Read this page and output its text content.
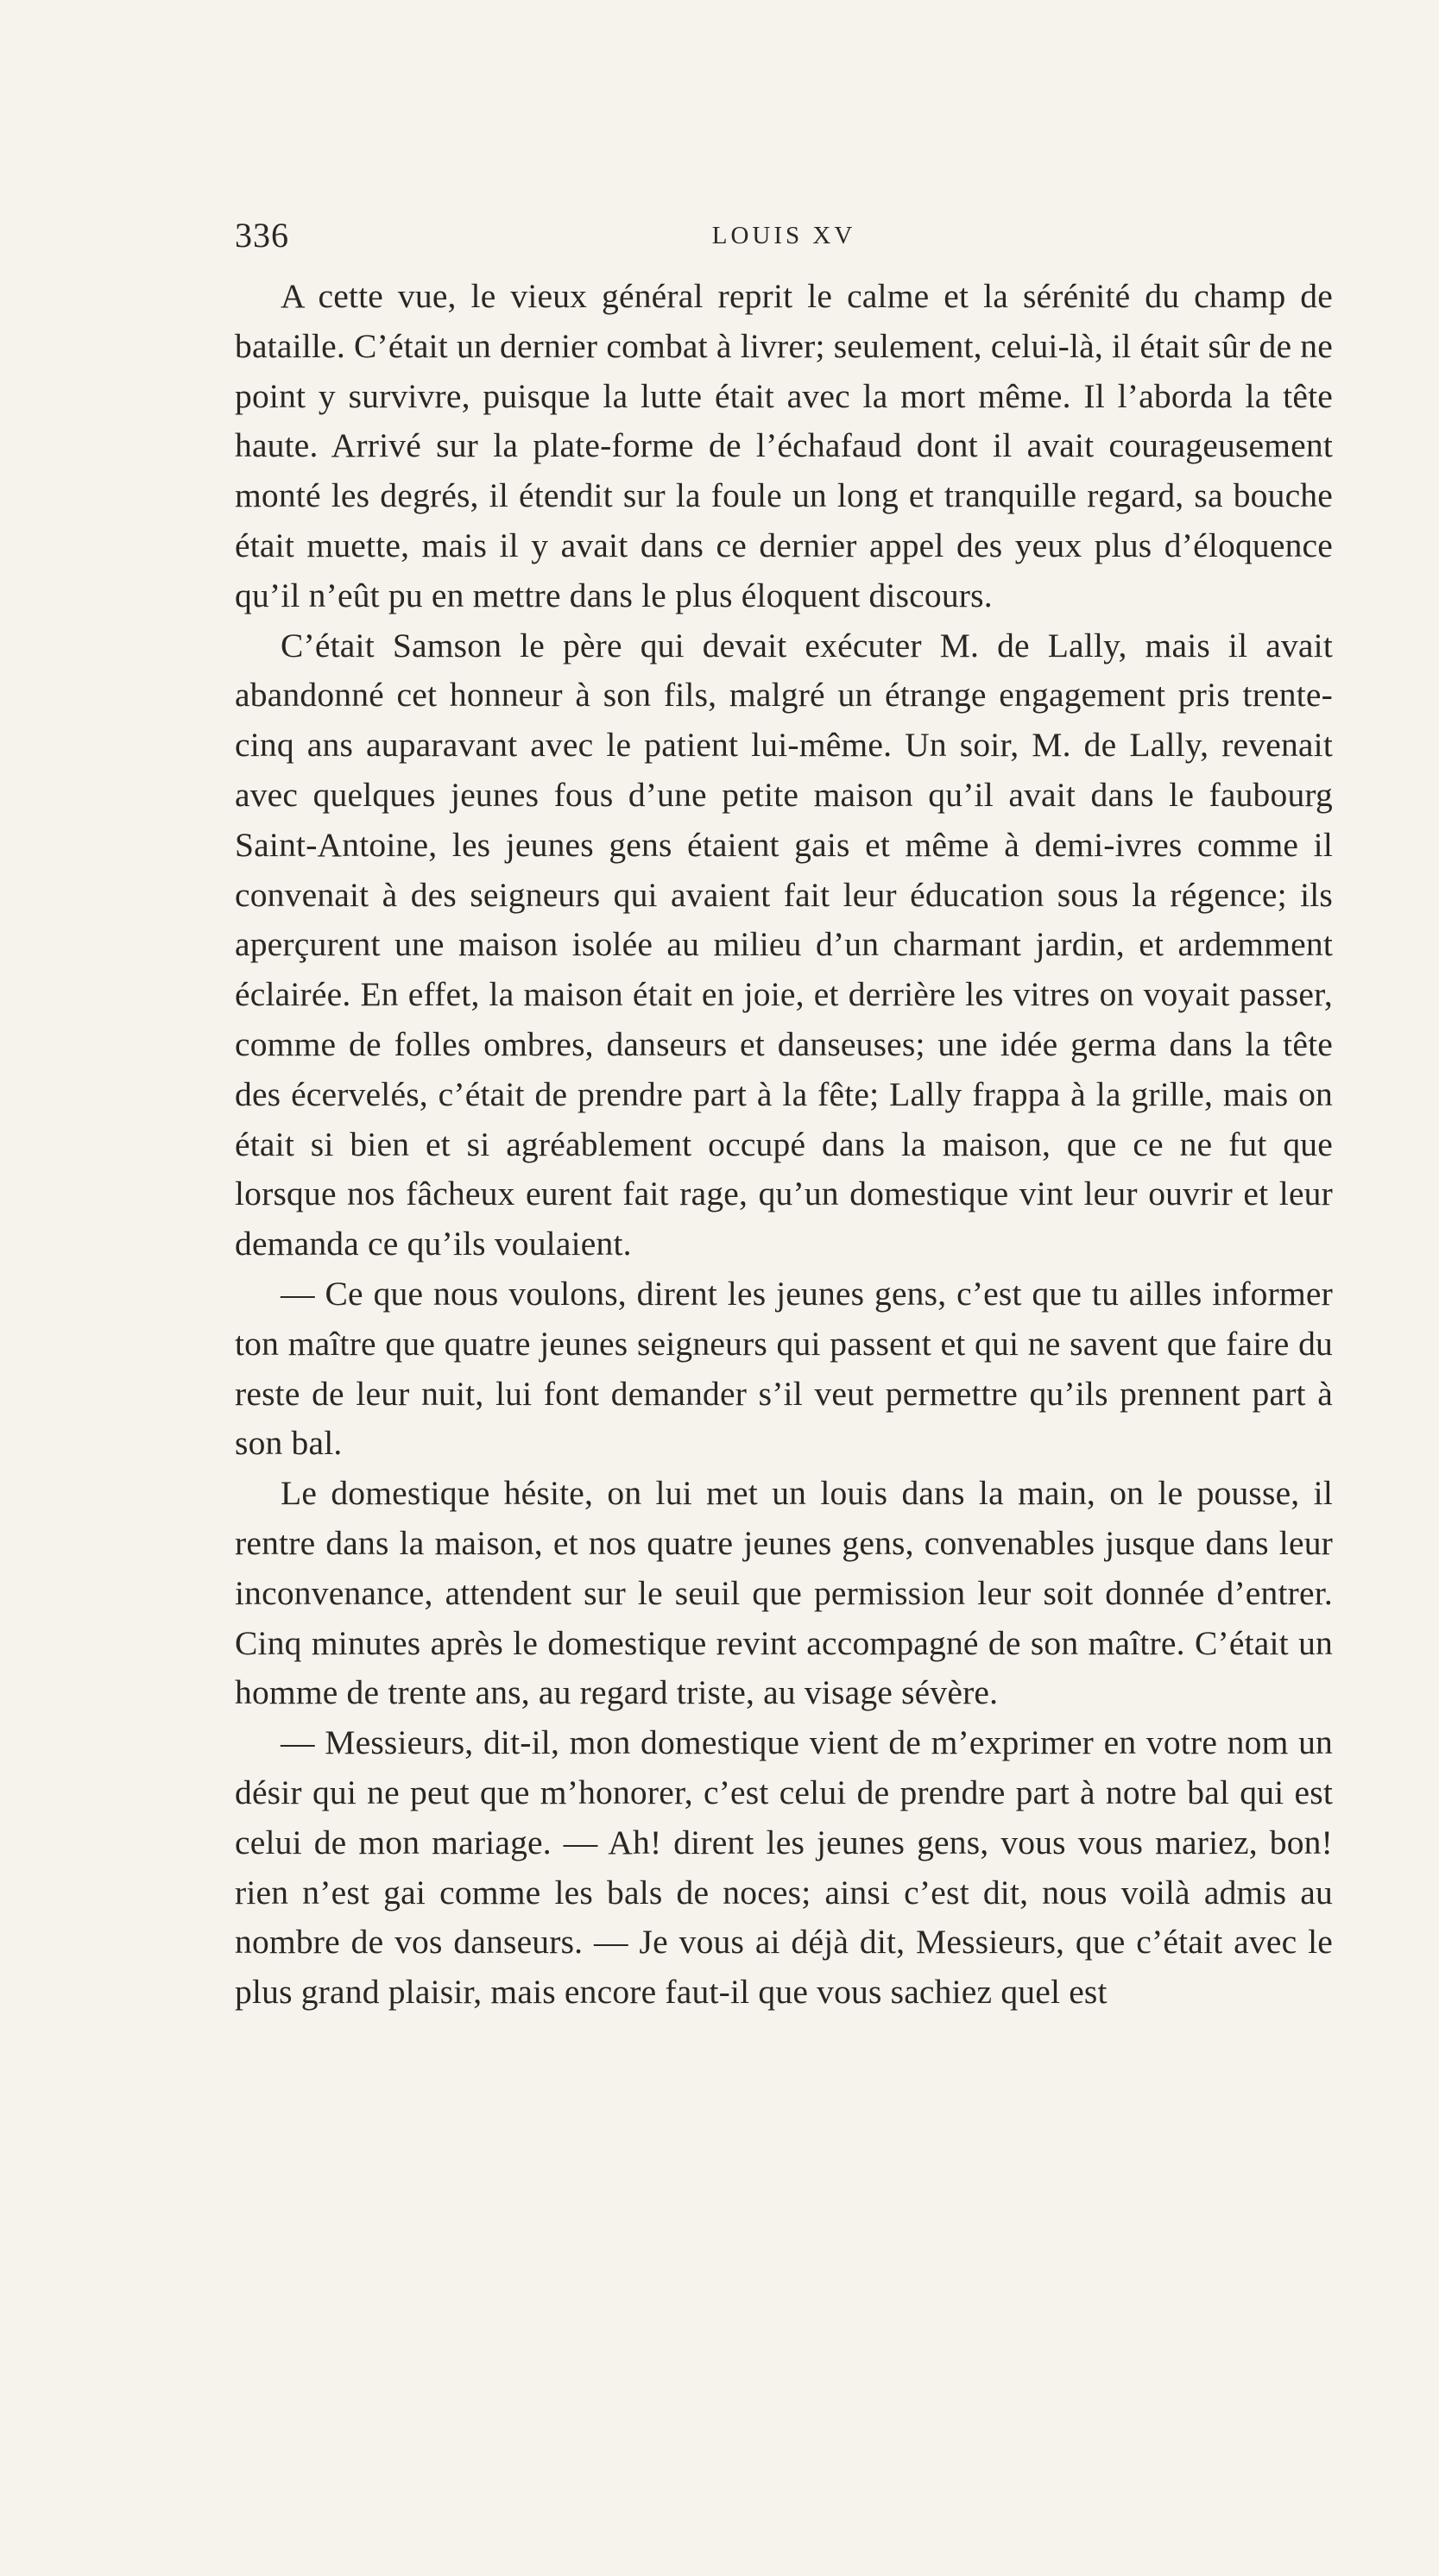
336	LOUIS XV

A cette vue, le vieux général reprit le calme et la sérénité du champ de bataille. C’était un dernier combat à livrer; seulement, celui-là, il était sûr de ne point y survivre, puisque la lutte était avec la mort même. Il l’aborda la tête haute. Arrivé sur la plate-forme de l’échafaud dont il avait courageusement monté les degrés, il étendit sur la foule un long et tranquille regard, sa bouche était muette, mais il y avait dans ce dernier appel des yeux plus d’éloquence qu’il n’eût pu en mettre dans le plus éloquent discours.

C’était Samson le père qui devait exécuter M. de Lally, mais il avait abandonné cet honneur à son fils, malgré un étrange engagement pris trente-cinq ans auparavant avec le patient lui-même. Un soir, M. de Lally, revenait avec quelques jeunes fous d’une petite maison qu’il avait dans le faubourg Saint-Antoine, les jeunes gens étaient gais et même à demi-ivres comme il convenait à des seigneurs qui avaient fait leur éducation sous la régence; ils aperçurent une maison isolée au milieu d’un charmant jardin, et ardemment éclairée. En effet, la maison était en joie, et derrière les vitres on voyait passer, comme de folles ombres, danseurs et danseuses; une idée germa dans la tête des écervelés, c’était de prendre part à la fête; Lally frappa à la grille, mais on était si bien et si agréablement occupé dans la maison, que ce ne fut que lorsque nos fâcheux eurent fait rage, qu’un domestique vint leur ouvrir et leur demanda ce qu’ils voulaient.

— Ce que nous voulons, dirent les jeunes gens, c’est que tu ailles informer ton maître que quatre jeunes seigneurs qui passent et qui ne savent que faire du reste de leur nuit, lui font demander s’il veut permettre qu’ils prennent part à son bal.

Le domestique hésite, on lui met un louis dans la main, on le pousse, il rentre dans la maison, et nos quatre jeunes gens, convenables jusque dans leur inconvenance, attendent sur le seuil que permission leur soit donnée d’entrer. Cinq minutes après le domestique revint accompagné de son maître. C’était un homme de trente ans, au regard triste, au visage sévère.

— Messieurs, dit-il, mon domestique vient de m’exprimer en votre nom un désir qui ne peut que m’honorer, c’est celui de prendre part à notre bal qui est celui de mon mariage. — Ah! dirent les jeunes gens, vous vous mariez, bon! rien n’est gai comme les bals de noces; ainsi c’est dit, nous voilà admis au nombre de vos danseurs. — Je vous ai déjà dit, Messieurs, que c’était avec le plus grand plaisir, mais encore faut-il que vous sachiez quel est
